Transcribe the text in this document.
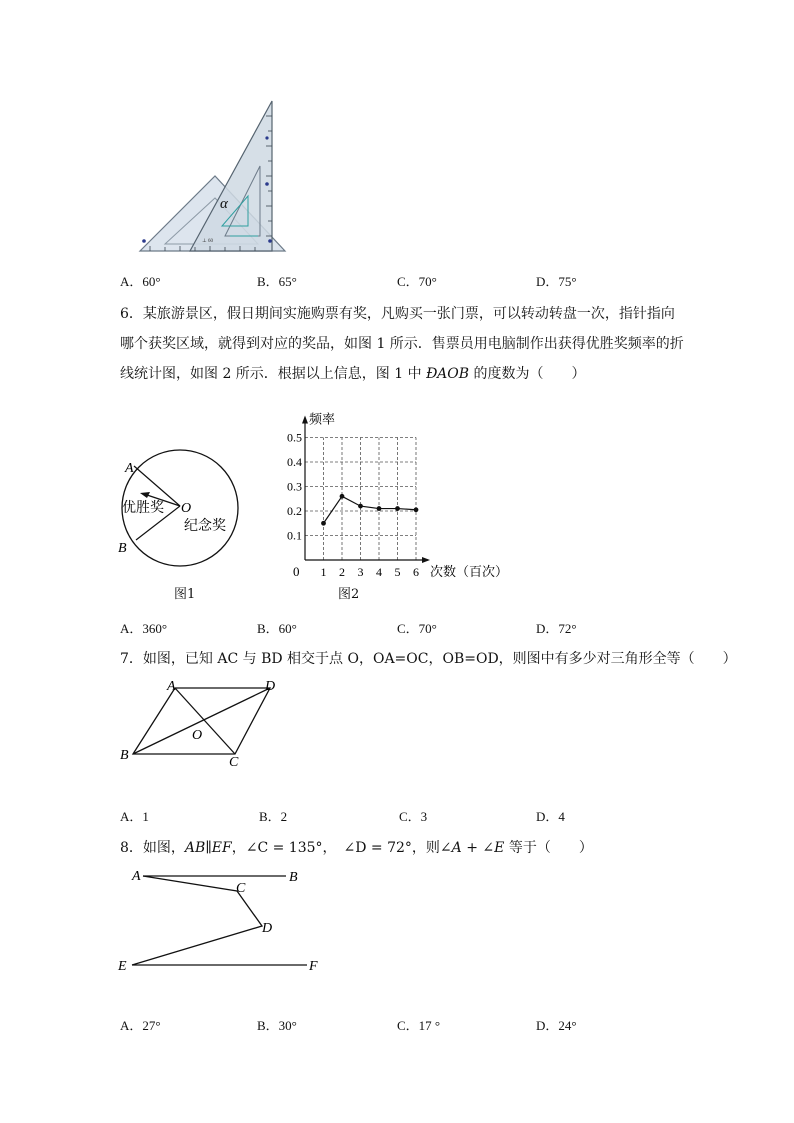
α
⊥ 60
A．60°	B．65°	C．70°	D．75°
6．某旅游景区，假日期间实施购票有奖，凡购买一张门票，可以转动转盘一次，指针指向
哪个获奖区域，就得到对应的奖品，如图 1 所示．售票员用电脑制作出获得优胜奖频率的折
线统计图，如图 2 所示．根据以上信息，图 1 中 ÐAOB 的度数为（　　）
A
B
O
优胜奖
纪念奖
图1
0.1
0.2
0.3
0.4
0.5
1 2 3 4 5 6
频率
次数（百次）
0
图2
A．360°	B．60°	C．70°	D．72°
7．如图，已知 AC 与 BD 相交于点 O，OA=OC，OB=OD，则图中有多少对三角形全等（　　）
A	D
B	C
O
A．1	B．2	C．3	D．4
8．如图，AB∥EF，∠C = 135°，　∠D = 72°，则∠A + ∠E 等于（　　）
A	B
C
D
E	F
A．27°	B．30°	C．17 °	D．24°
